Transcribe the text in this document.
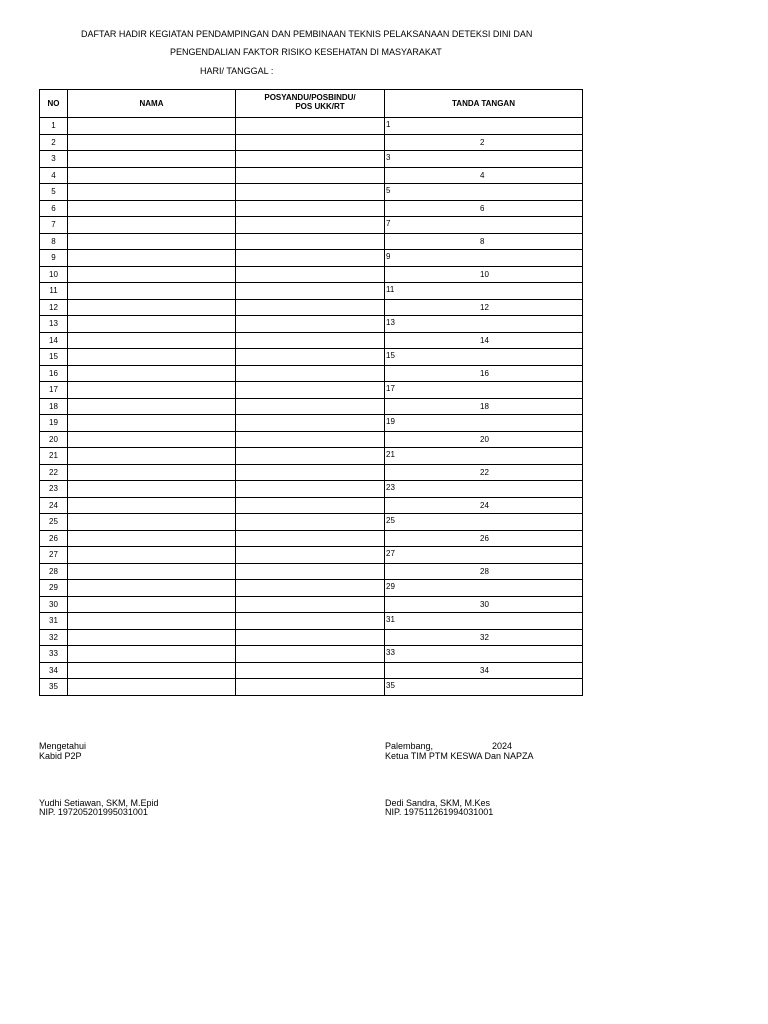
DAFTAR HADIR KEGIATAN PENDAMPINGAN DAN PEMBINAAN TEKNIS PELAKSANAAN DETEKSI DINI DAN
PENGENDALIAN FAKTOR RISIKO KESEHATAN DI MASYARAKAT
HARI/ TANGGAL :
NO	NAMA	POSYANDU/POSBINDU/
POS UKK/RT	TANDA TANGAN
1			1

2			2

3			3

4			4

5			5

6			6

7			7

8			8

9			9

10			10

11			11

12			12

13			13

14			14

15			15

16			16

17			17

18			18

19			19

20			20

21			21

22			22

23			23

24			24

25			25

26			26

27			27

28			28

29			29

30			30

31			31

32			32

33			33

34			34

35			35
Mengetahui
Kabid P2P
Yudhi Setiawan, SKM, M.Epid
NIP. 197205201995031001
Palembang,	2024
Ketua TIM PTM KESWA Dan NAPZA
Dedi Sandra, SKM, M.Kes
NIP. 197511261994031001
